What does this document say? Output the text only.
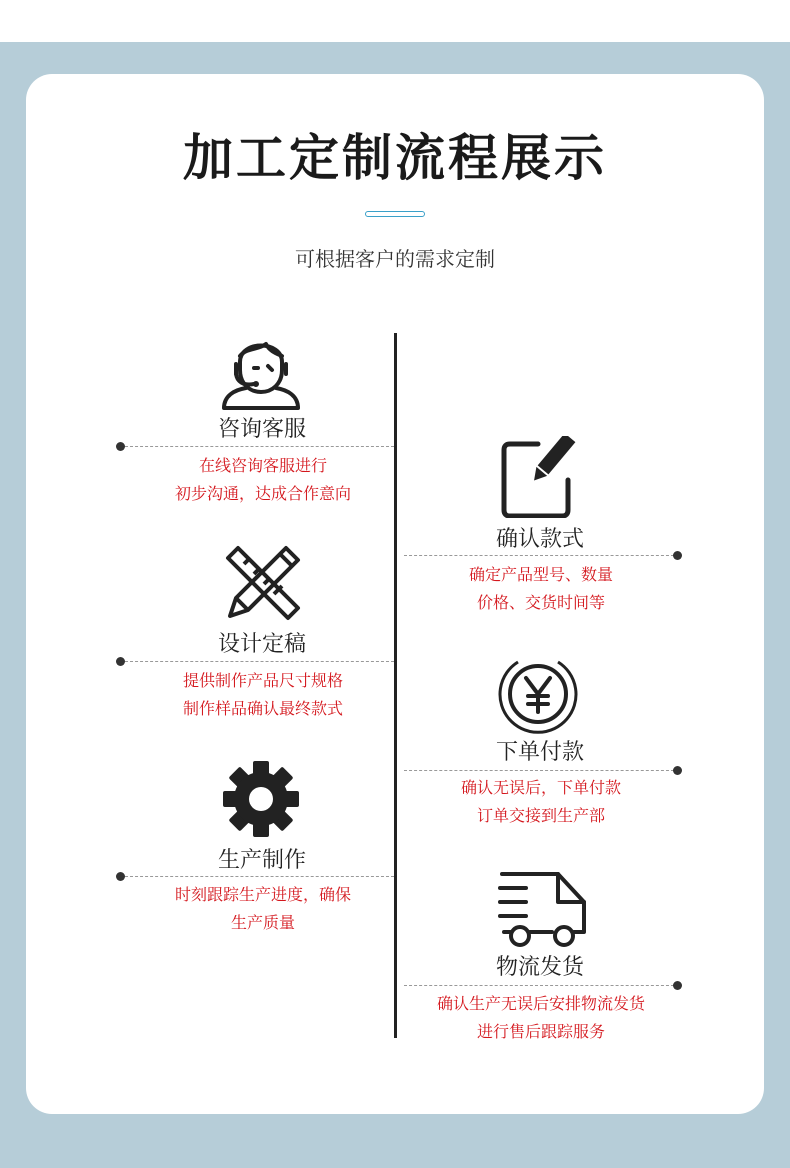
加工定制流程展示
可根据客户的需求定制
咨询客服
在线咨询客服进行
初步沟通，达成合作意向
确认款式
确定产品型号、数量
价格、交货时间等
设计定稿
提供制作产品尺寸规格
制作样品确认最终款式
下单付款
确认无误后，下单付款
订单交接到生产部
生产制作
时刻跟踪生产进度，确保
生产质量
物流发货
确认生产无误后安排物流发货
进行售后跟踪服务
